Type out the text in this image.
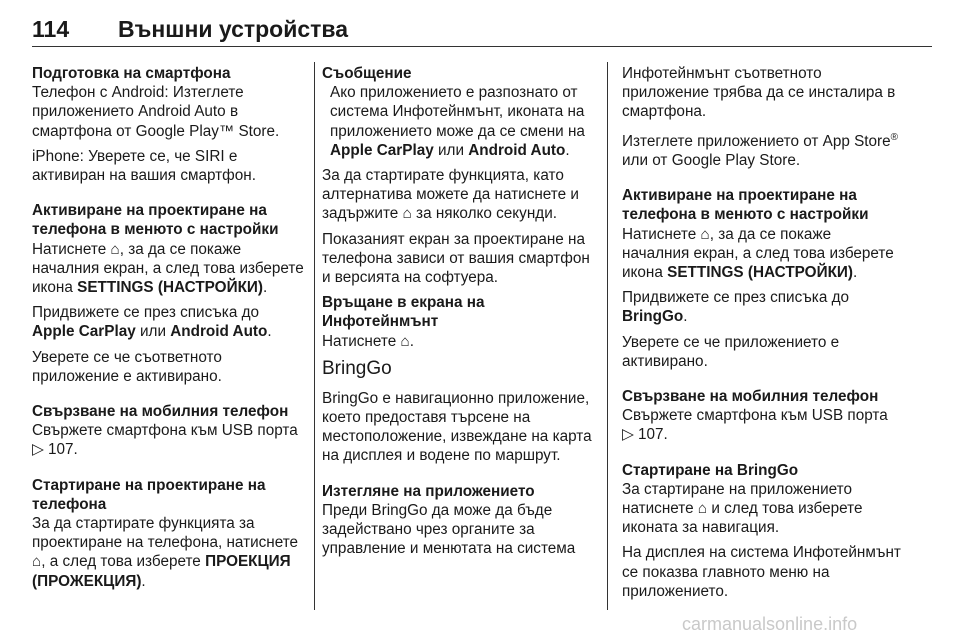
114 Външни устройства
Подготовка на смартфона

Телефон с Android: Изтеглете приложението Android Auto в смартфона от Google Play™ Store.

iPhone: Уверете се, че SIRI е активиран на вашия смартфон.

Активиране на проектиране на телефона в менюто с настройки

Натиснете ⌂, за да се покаже началния екран, а след това изберете икона SETTINGS (НАСТРОЙКИ).

Придвижете се през списъка до Apple CarPlay или Android Auto.

Уверете се че съответното приложение е активирано.

Свързване на мобилния телефон

Свържете смартфона към USB порта ▷ 107.

Стартиране на проектиране на телефона

За да стартирате функцията за проектиране на телефона, натиснете ⌂, а след това изберете ПРОЕКЦИЯ (ПРОЖЕКЦИЯ).

Съобщение

Ако приложението е разпознато от система Инфотейнмънт, иконата на приложението може да се смени на Apple CarPlay или Android Auto.

За да стартирате функцията, като алтернатива можете да натиснете и задържите ⌂ за няколко секунди.

Показаният екран за проектиране на телефона зависи от вашия смартфон и версията на софтуера.

Връщане в екрана на Инфотейнмънт

Натиснете ⌂.

BringGo

BringGo е навигационно приложение, което предоставя търсене на местоположение, извеждане на карта на дисплея и водене по маршрут.

Изтегляне на приложението

Преди BringGo да може да бъде задействано чрез органите за управление и менютата на система

Инфотейнмънт съответното приложение трябва да се инсталира в смартфона.

Изтеглете приложението от App Store® или от Google Play Store.

Активиране на проектиране на телефона в менюто с настройки

Натиснете ⌂, за да се покаже началния екран, а след това изберете икона SETTINGS (НАСТРОЙКИ).

Придвижете се през списъка до BringGo.

Уверете се че приложението е активирано.

Свързване на мобилния телефон

Свържете смартфона към USB порта ▷ 107.

Стартиране на BringGo

За стартиране на приложението натиснете ⌂ и след това изберете иконата за навигация.

На дисплея на система Инфотейнмънт се показва главното меню на приложението.

carmanualsonline.info
